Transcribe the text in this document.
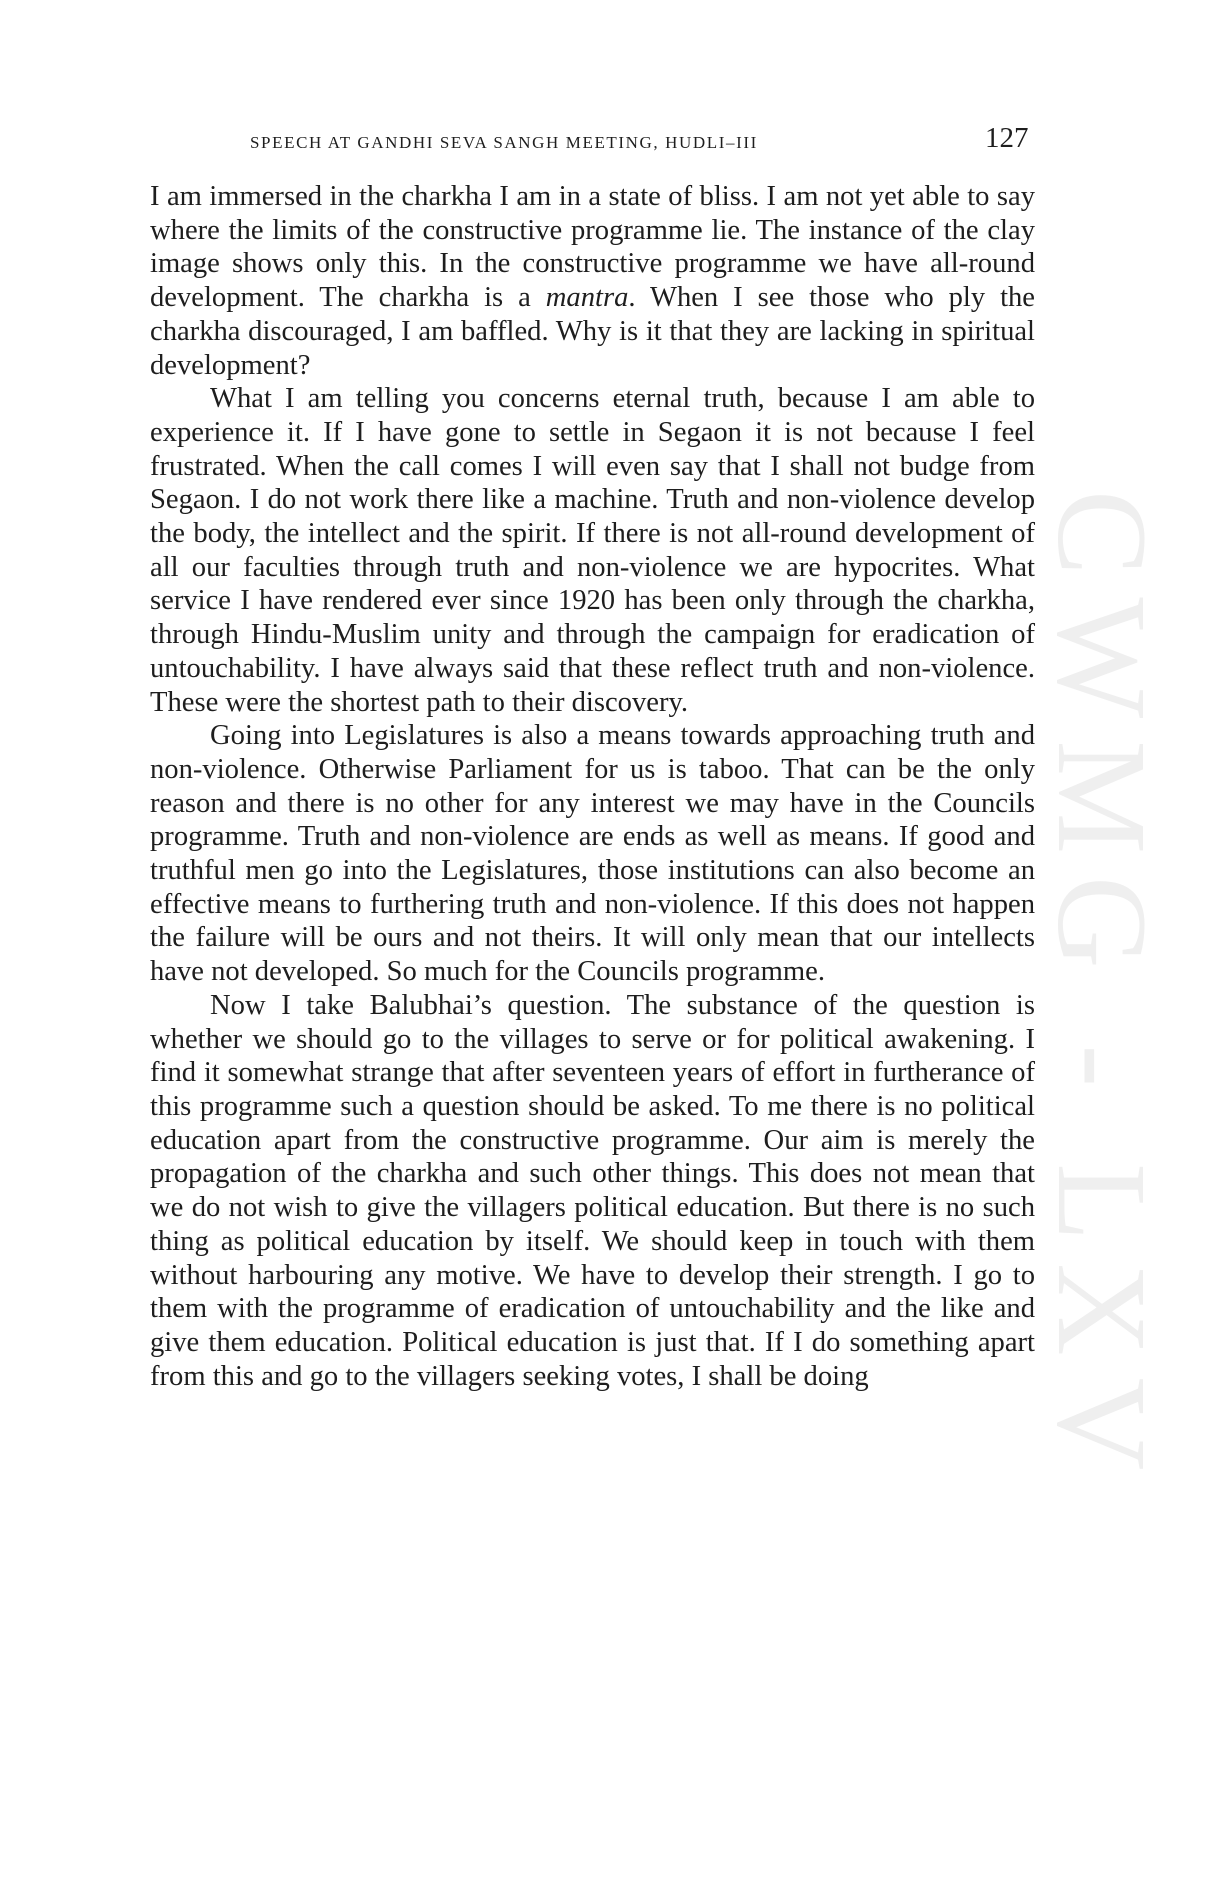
SPEECH AT GANDHI SEVA SANGH MEETING, HUDLI–III	127
CWMG - LXV

I am immersed in the charkha I am in a state of bliss. I am not yet able to say where the limits of the constructive programme lie. The instance of the clay image shows only this. In the constructive programme we have all-round development. The charkha is a mantra. When I see those who ply the charkha discouraged, I am baffled. Why is it that they are lacking in spiritual development?

What I am telling you concerns eternal truth, because I am able to experience it. If I have gone to settle in Segaon it is not because I feel frustrated. When the call comes I will even say that I shall not budge from Segaon. I do not work there like a machine. Truth and non-violence develop the body, the intellect and the spirit. If there is not all-round development of all our faculties through truth and non-violence we are hypocrites. What service I have rendered ever since 1920 has been only through the charkha, through Hindu-Muslim unity and through the campaign for eradication of untouchability. I have always said that these reflect truth and non-violence. These were the shortest path to their discovery.

Going into Legislatures is also a means towards approaching truth and non-violence. Otherwise Parliament for us is taboo. That can be the only reason and there is no other for any interest we may have in the Councils programme. Truth and non-violence are ends as well as means. If good and truthful men go into the Legislatures, those institutions can also become an effective means to furthering truth and non-violence. If this does not happen the failure will be ours and not theirs. It will only mean that our intellects have not developed. So much for the Councils programme.

Now I take Balubhai’s question. The substance of the question is whether we should go to the villages to serve or for political awakening. I find it somewhat strange that after seventeen years of effort in furtherance of this programme such a question should be asked. To me there is no political education apart from the constructive programme. Our aim is merely the propagation of the charkha and such other things. This does not mean that we do not wish to give the villagers political education. But there is no such thing as political education by itself. We should keep in touch with them without harbouring any motive. We have to develop their strength. I go to them with the programme of eradication of untouchability and the like and give them education. Political education is just that. If I do something apart from this and go to the villagers seeking votes, I shall be doing
